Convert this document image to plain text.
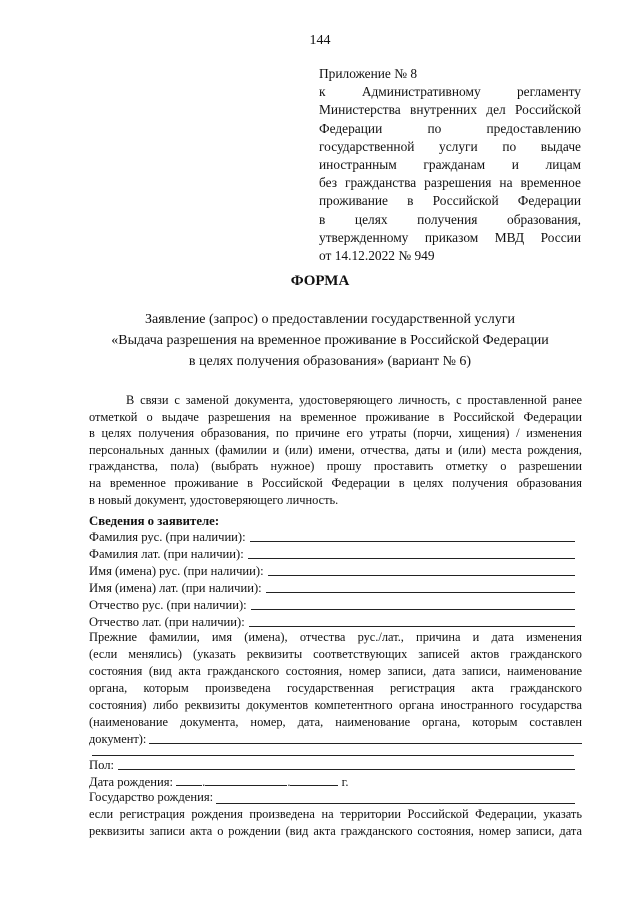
144
Приложение № 8
к Административному регламенту
Министерства внутренних дел Российской
Федерации по предоставлению
государственной услуги по выдаче
иностранным гражданам и лицам
без гражданства разрешения на временное
проживание в Российской Федерации
в целях получения образования,
утвержденному приказом МВД России
от 14.12.2022 № 949
ФОРМА
Заявление (запрос) о предоставлении государственной услуги
«Выдача разрешения на временное проживание в Российской Федерации
в целях получения образования» (вариант № 6)
В связи с заменой документа, удостоверяющего личность, с проставленной ранее
отметкой о выдаче разрешения на временное проживание в Российской Федерации
в целях получения образования, по причине его утраты (порчи, хищения) / изменения
персональных данных (фамилии и (или) имени, отчества, даты и (или) места рождения,
гражданства, пола) (выбрать нужное) прошу проставить отметку о разрешении
на временное проживание в Российской Федерации в целях получения образования
в новый документ, удостоверяющего личность.
Сведения о заявителе:
Фамилия рус. (при наличии):
Фамилия лат. (при наличии):
Имя (имена) рус. (при наличии):
Имя (имена) лат. (при наличии):
Отчество рус. (при наличии):
Отчество лат. (при наличии):
Прежние фамилии, имя (имена), отчества рус./лат., причина и дата изменения
(если менялись) (указать реквизиты соответствующих записей актов гражданского
состояния (вид акта гражданского состояния, номер записи, дата записи, наименование
органа, которым произведена государственная регистрация акта гражданского
состояния) либо реквизиты документов компетентного органа иностранного государства
(наименование документа, номер, дата, наименование органа, которым составлен
документ):
Пол:
Дата рождения: .	.	г.
Государство рождения:
если регистрация рождения произведена на территории Российской Федерации, указать
реквизиты записи акта о рождении (вид акта гражданского состояния, номер записи, дата
